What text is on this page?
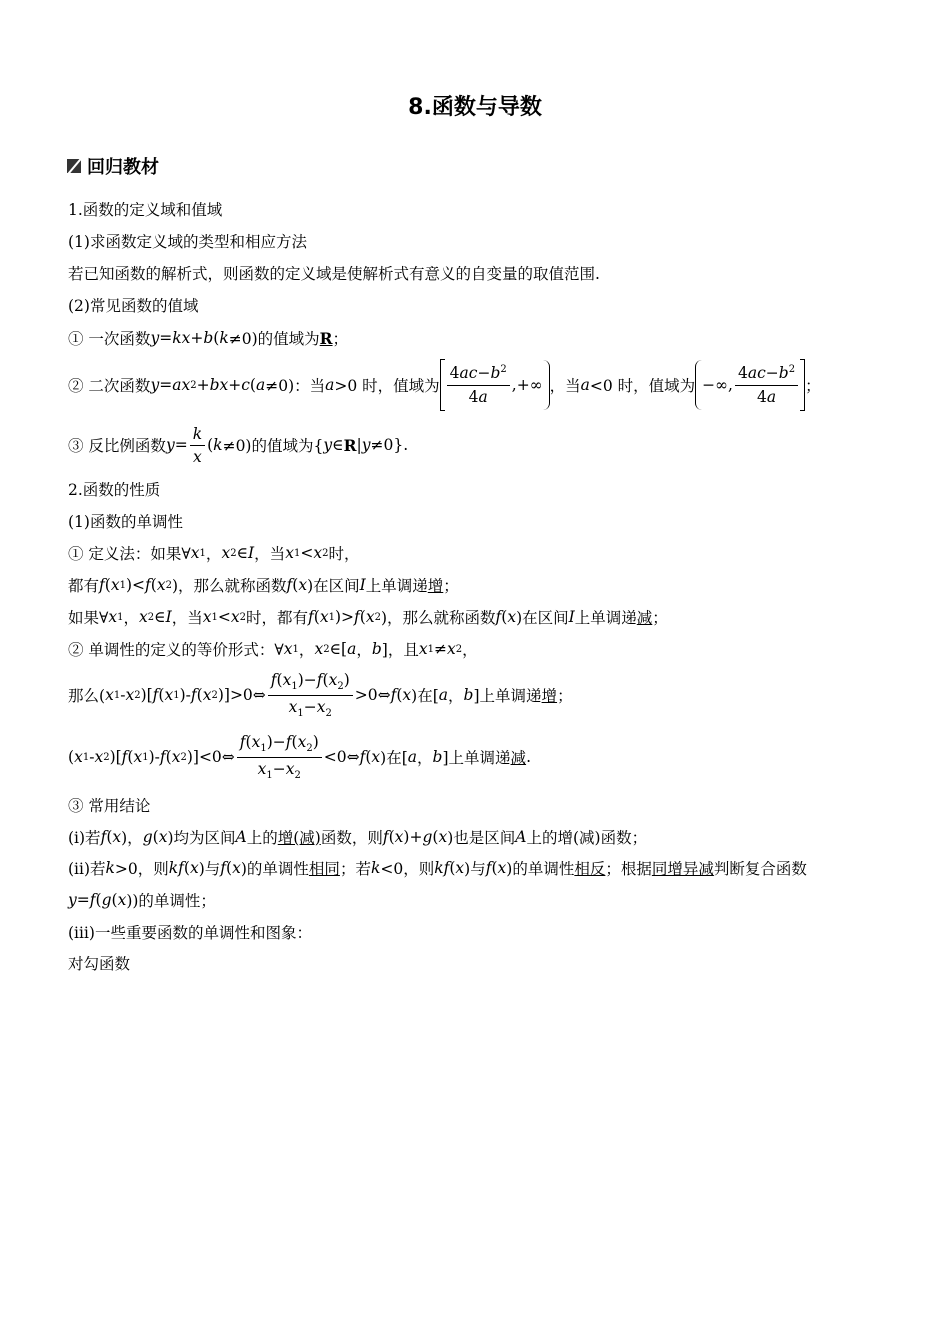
8.函数与导数
回归教材
1.函数的定义域和值域
(1)求函数定义域的类型和相应方法
若已知函数的解析式，则函数的定义域是使解析式有意义的自变量的取值范围.
(2)常见函数的值域
① 一次函数 y = kx + b ( k ≠0)的值域为 R ；
② 二次函数 y = ax 2 + bx + c ( a ≠0)：当 a >0 时，值域为 $\frac{4ac-b^2}{4a}$ ,+∞ ，当 a <0 时，值域为 −∞, $\frac{4ac-b^2}{4a}$ ；
③ 反比例函数 $y = \frac{k}{x}$ ( k ≠0)的值域为{ y ∈ R | y ≠0}.
2.函数的性质
(1)函数的单调性
① 定义法：如果∀ x 1 ， x 2 ∈ I ，当 x 1 < x 2 时，
都有 f ( x 1 )< f ( x 2 )，那么就称函数 f ( x )在区间 I 上单调递 增 ；
如果∀ x 1 ， x 2 ∈ I ，当 x 1 < x 2 时，都有 f ( x 1 )> f ( x 2 )，那么就称函数 f ( x )在区间 I 上单调递 减 ；
② 单调性的定义的等价形式：∀ x 1 ， x 2 ∈[ a ， b ]，且 x 1 ≠ x 2 ，
那么( x 1 - x 2 )[ f ( x 1 )- f ( x 2 )]>0⇔ $\frac{f(x_1)-f(x_2)}{x_1-x_2}$ >0⇔ f ( x )在[ a ， b ]上单调递 增 ；
( x 1 - x 2 )[ f ( x 1 )- f ( x 2 )]<0⇔ $\frac{f(x_1)-f(x_2)}{x_1-x_2}$ <0⇔ f ( x )在[ a ， b ]上单调递 减 .
③ 常用结论
(ⅰ)若 f ( x )， g ( x )均为区间 A 上的 增(减) 函数，则 f ( x )+ g ( x )也是区间 A 上的增(减)函数；
(ⅱ)若 k >0，则 kf ( x )与 f ( x )的单调性 相同 ；若 k <0，则 kf ( x )与 f ( x )的单调性 相反 ；根据 同增异减 判断复合函数
y = f ( g ( x ))的单调性；
(ⅲ)一些重要函数的单调性和图象：
对勾函数
